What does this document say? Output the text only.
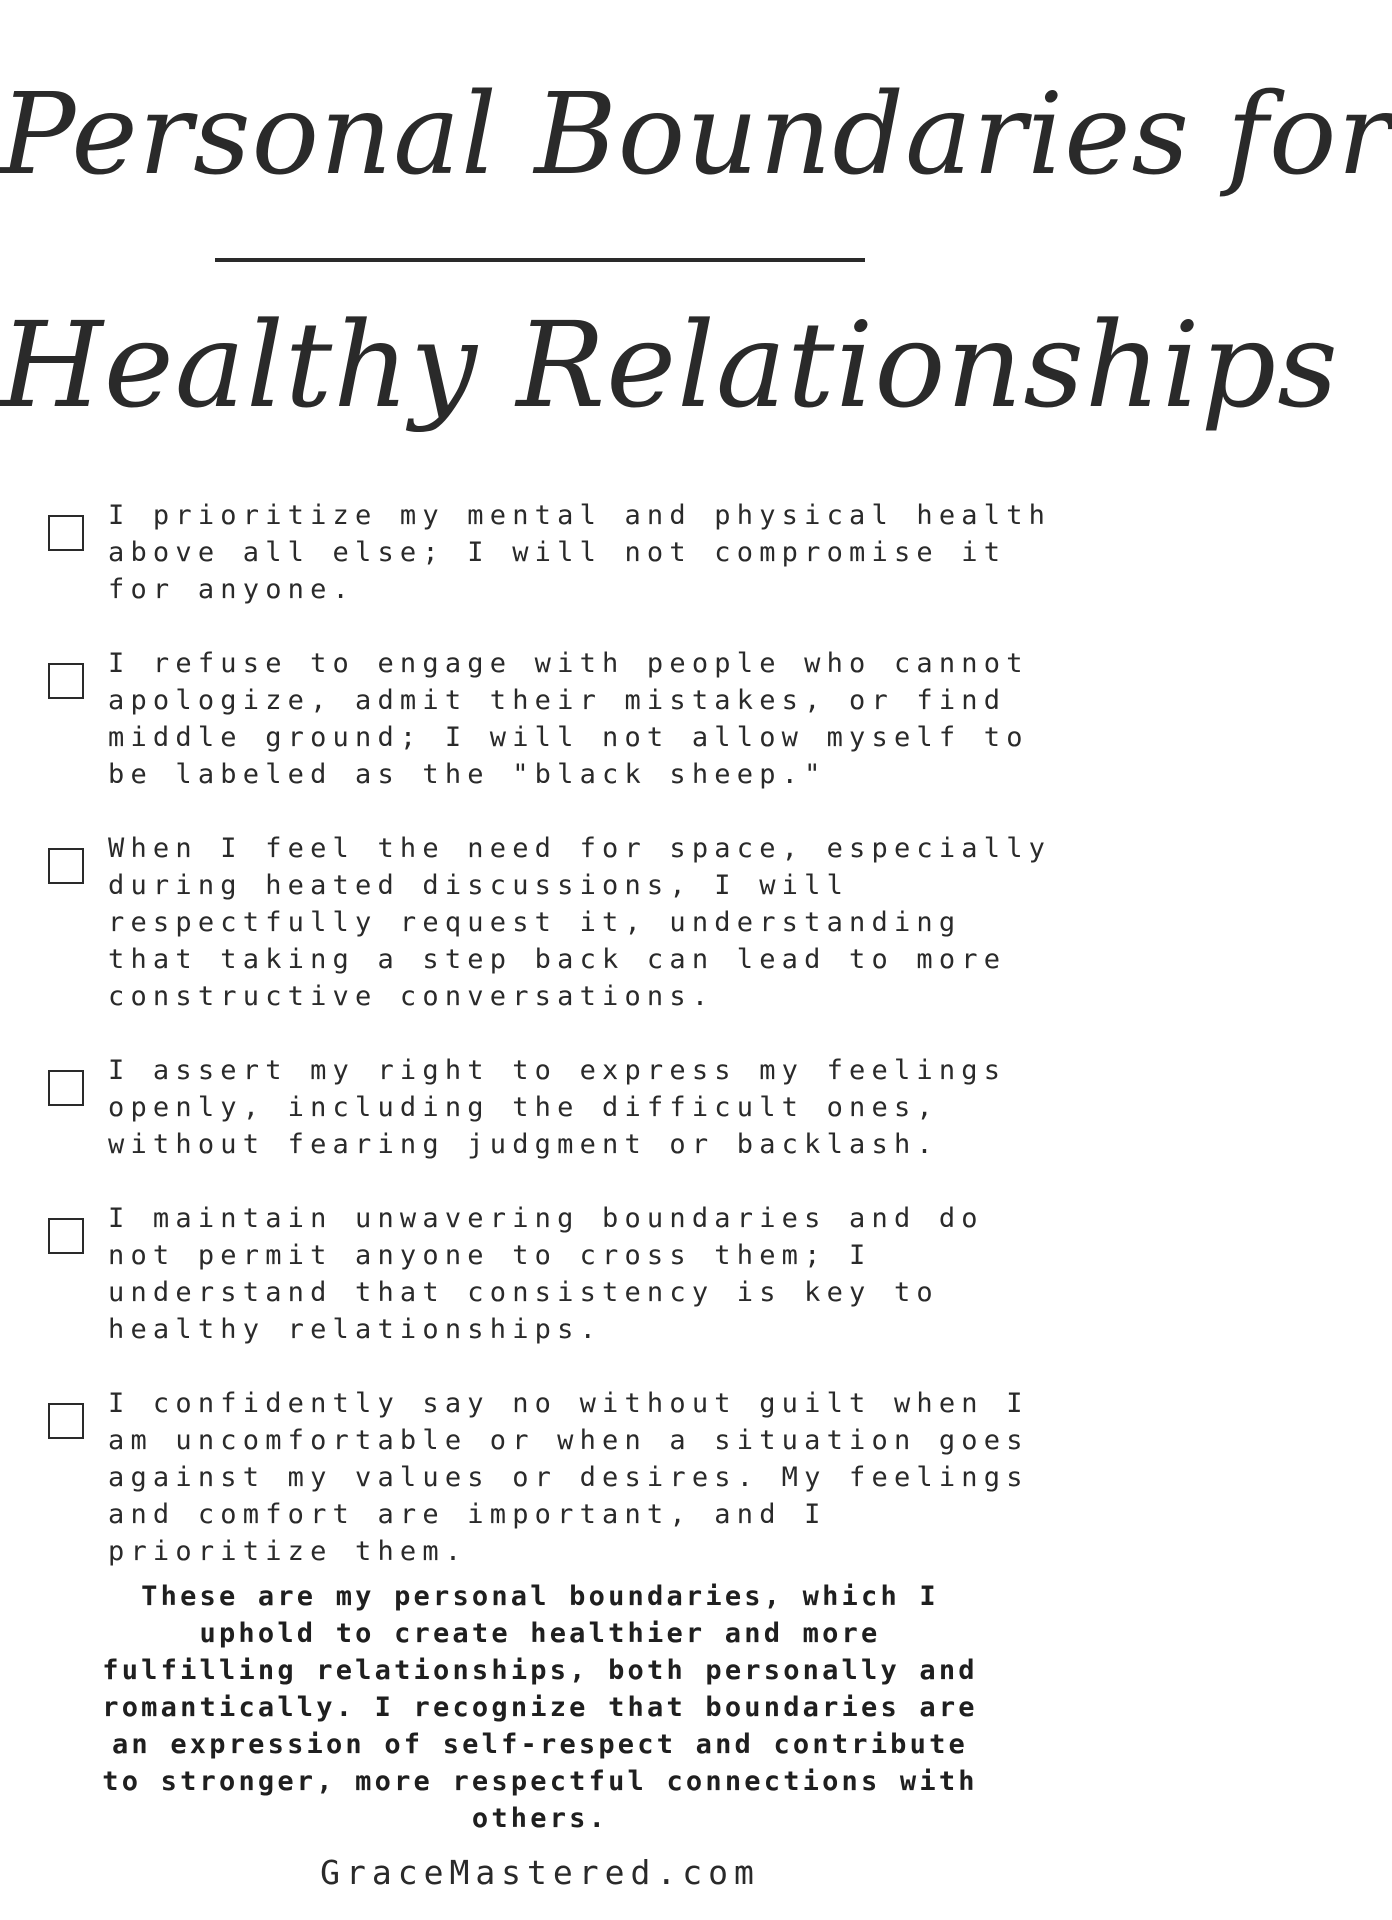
Personal Boundaries for
Healthy Relationships
I prioritize my mental and physical health above all else; I will not compromise it for anyone.
I refuse to engage with people who cannot apologize, admit their mistakes, or find middle ground; I will not allow myself to be labeled as the "black sheep."
When I feel the need for space, especially during heated discussions, I will respectfully request it, understanding that taking a step back can lead to more constructive conversations.
I assert my right to express my feelings openly, including the difficult ones, without fearing judgment or backlash.
I maintain unwavering boundaries and do not permit anyone to cross them; I understand that consistency is key to healthy relationships.
I confidently say no without guilt when I am uncomfortable or when a situation goes against my values or desires. My feelings and comfort are important, and I prioritize them.
These are my personal boundaries, which I uphold to create healthier and more fulfilling relationships, both personally and romantically. I recognize that boundaries are an expression of self-respect and contribute to stronger, more respectful connections with others.
GraceMastered.com
